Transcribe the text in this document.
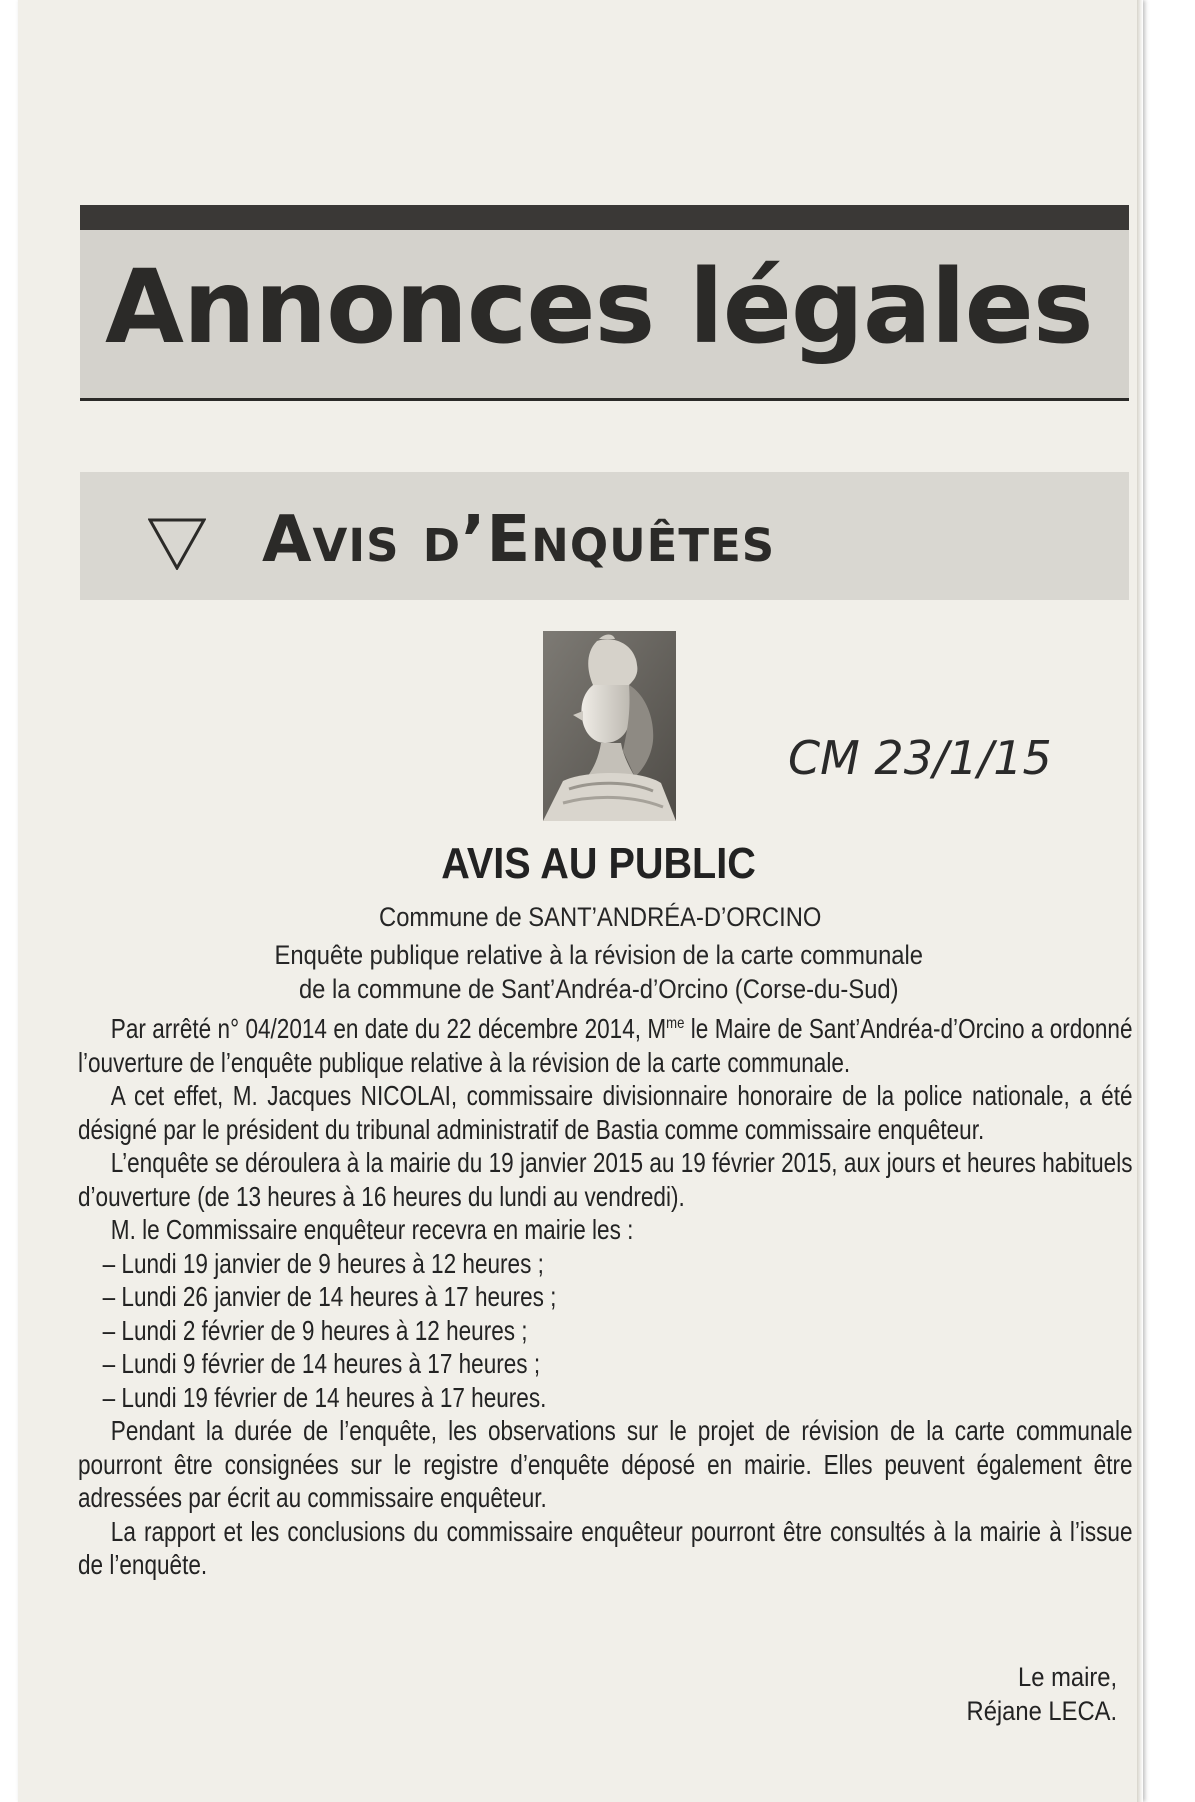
Annonces légales
Avis d’Enquêtes
CM 23/1/15
AVIS AU PUBLIC
Commune de SANT’ANDRÉA-D’ORCINO
Enquête publique relative à la révision de la carte communale
de la commune de Sant’Andréa-d’Orcino (Corse-du-Sud)

Par arrêté n° 04/2014 en date du 22 décembre 2014, $M^{me}$ le Maire de Sant’Andréa-d’Orcino a ordonné l’ouverture de l’enquête publique relative à la révision de la carte communale.

A cet effet, M. Jacques NICOLAI, commissaire divisionnaire honoraire de la police nationale, a été désigné par le président du tribunal administratif de Bastia comme commissaire enquêteur.

L’enquête se déroulera à la mairie du 19 janvier 2015 au 19 février 2015, aux jours et heures habituels d’ouverture (de 13 heures à 16 heures du lundi au vendredi).

M. le Commissaire enquêteur recevra en mairie les :

– Lundi 19 janvier de 9 heures à 12 heures ;

– Lundi 26 janvier de 14 heures à 17 heures ;

– Lundi 2 février de 9 heures à 12 heures ;

– Lundi 9 février de 14 heures à 17 heures ;

– Lundi 19 février de 14 heures à 17 heures.

Pendant la durée de l’enquête, les observations sur le projet de révision de la carte communale pourront être consignées sur le registre d’enquête déposé en mairie. Elles peuvent également être adressées par écrit au commissaire enquêteur.

La rapport et les conclusions du commissaire enquêteur pourront être consultés à la mairie à l’issue de l’enquête.

Le maire,
Réjane LECA.
